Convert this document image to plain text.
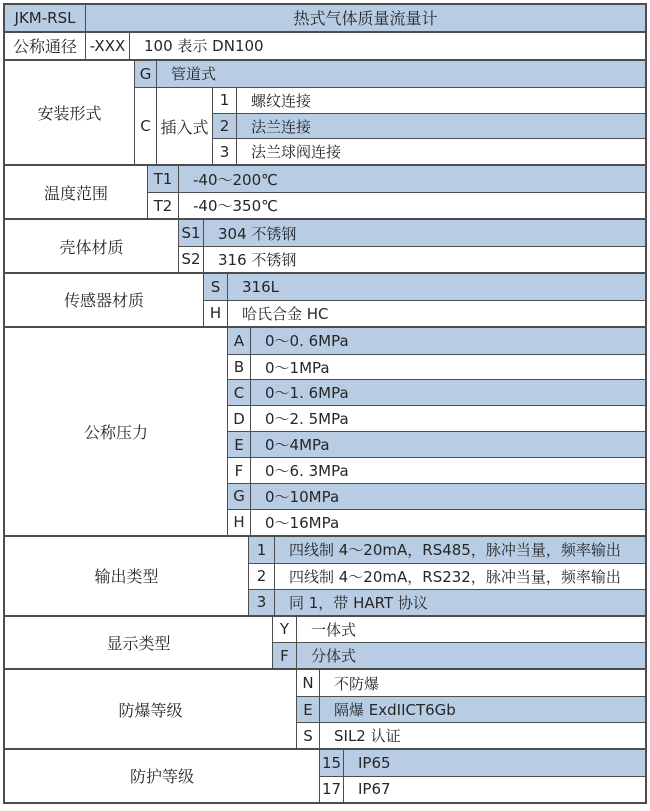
JKM-RSL	热式气体质量流量计
公称通径 -XXX	100 表示 DN100
安装形式
G	管道式
C 插入式
1	螺纹连接
2	法兰连接
3	法兰球阀连接
温度范围
T1	-40～200℃
T2	-40～350℃
壳体材质
S1	304 不锈钢
S2	316 不锈钢
传感器材质
S	316L
H	哈氏合金 HC
公称压力
A	0～0. 6MPa
B	0～1MPa
C	0～1. 6MPa
D	0～2. 5MPa
E	0～4MPa
F	0～6. 3MPa
G	0～10MPa
H	0～16MPa
输出类型
1	四线制 4～20mA，RS485，脉冲当量，频率输出
2	四线制 4～20mA，RS232，脉冲当量，频率输出
3	同 1，带 HART 协议
显示类型
Y	一体式
F	分体式
防爆等级
N	不防爆
E	隔爆 ExdIICT6Gb
S	SIL2 认证
防护等级
15	IP65
17	IP67
